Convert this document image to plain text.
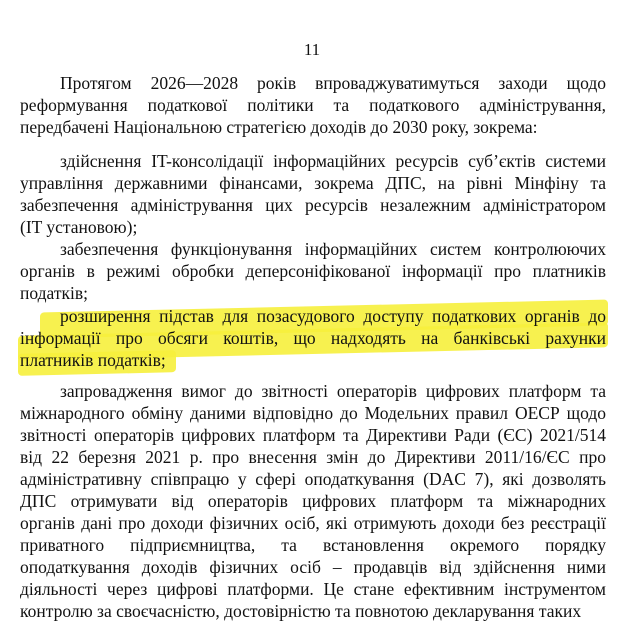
11
Протягом 2026—2028 років впроваджуватимуться заходи щодо
реформування податкової політики та податкового адміністрування,
передбачені Національною стратегією доходів до 2030 року, зокрема:
здійснення IT-консолідації інформаційних ресурсів суб’єктів системи
управління державними фінансами, зокрема ДПС, на рівні Мінфіну та
забезпечення адміністрування цих ресурсів незалежним адміністратором
(IT установою);
забезпечення функціонування інформаційних систем контролюючих
органів в режимі обробки деперсоніфікованої інформації про платників
податків;
розширення підстав для позасудового доступу податкових органів до
інформації про обсяги коштів, що надходять на банківські рахунки
платників податків;
запровадження вимог до звітності операторів цифрових платформ та
міжнародного обміну даними відповідно до Модельних правил ОЕСР щодо
звітності операторів цифрових платформ та Директиви Ради (ЄС) 2021/514
від 22 березня 2021 р. про внесення змін до Директиви 2011/16/ЄС про
адміністративну співпрацю у сфері оподаткування (DAC 7), які дозволять
ДПС отримувати від операторів цифрових платформ та міжнародних
органів дані про доходи фізичних осіб, які отримують доходи без реєстрації
приватного підприємництва, та встановлення окремого порядку
оподаткування доходів фізичних осіб – продавців від здійснення ними
діяльності через цифрові платформи. Це стане ефективним інструментом
контролю за своєчасністю, достовірністю та повнотою декларування таких
